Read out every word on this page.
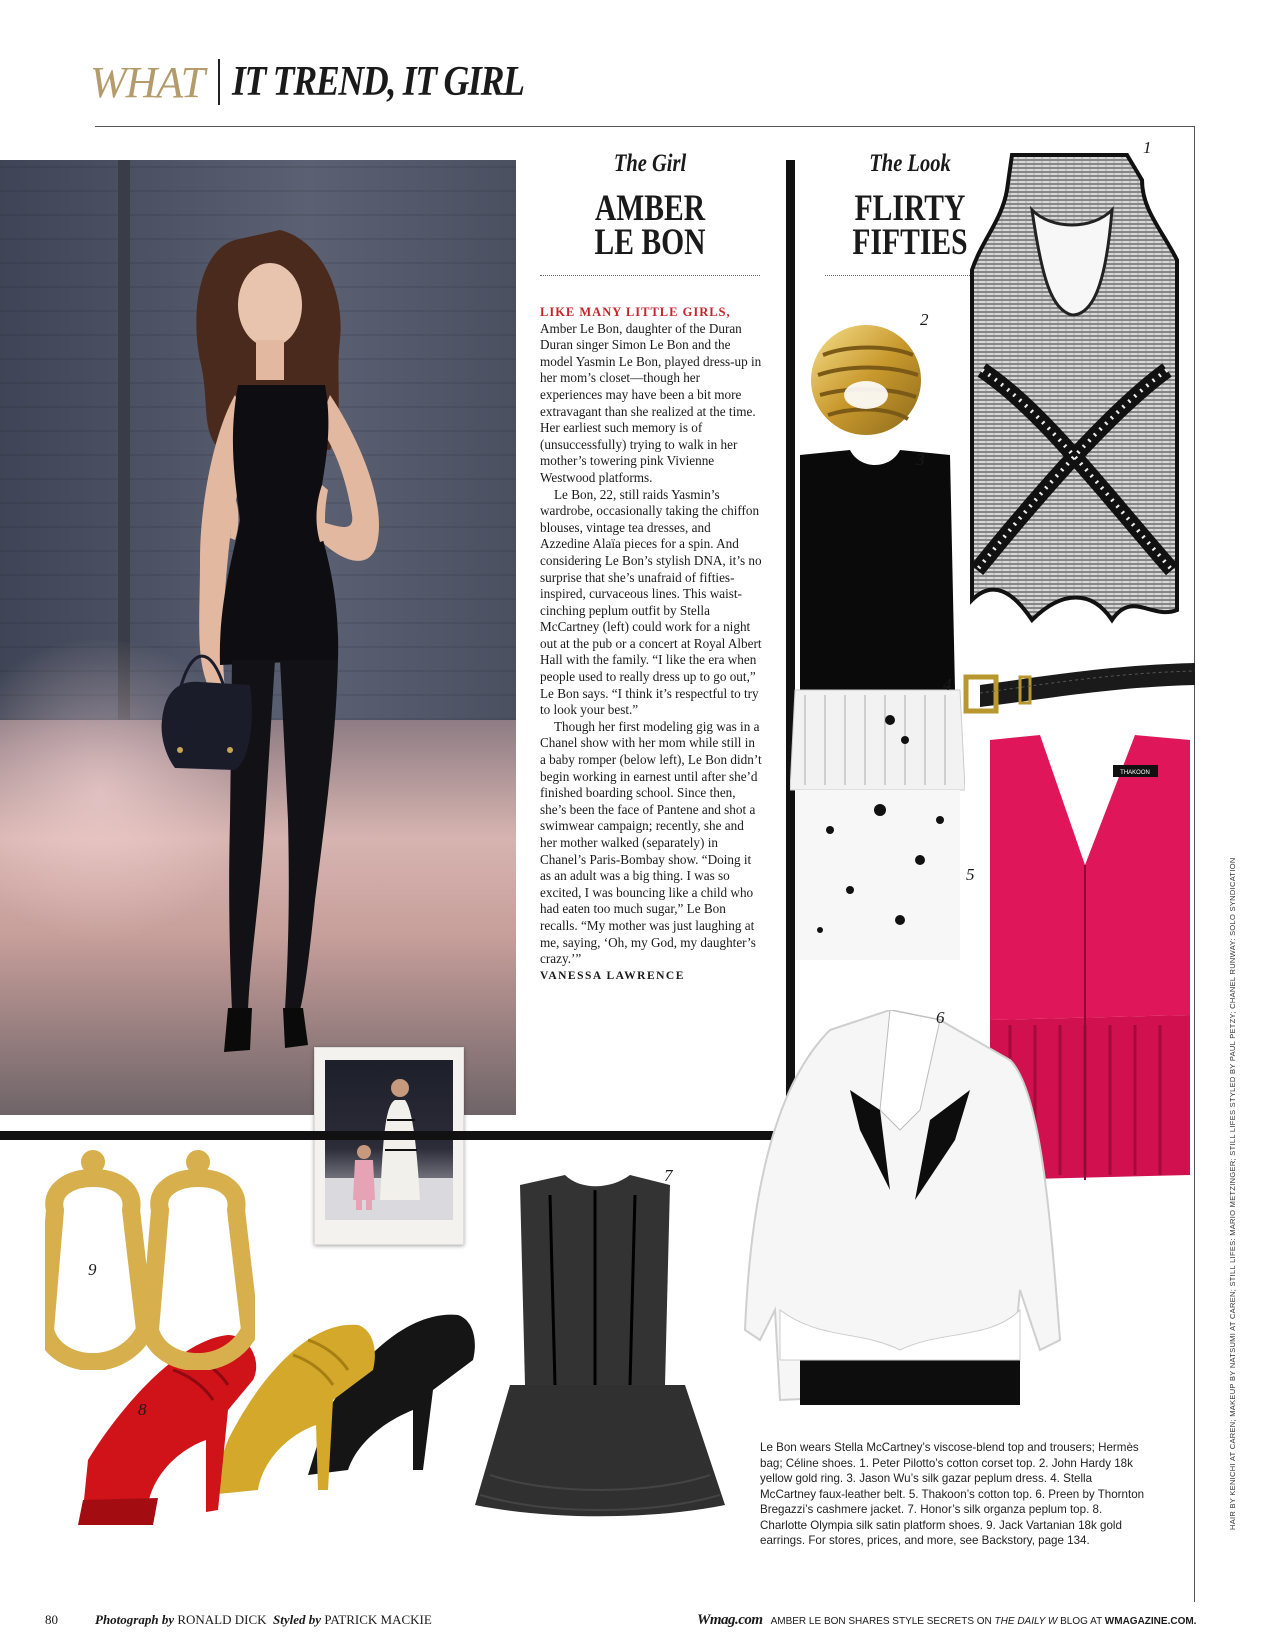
WHAT IT TREND, IT GIRL
The Girl
AMBER
LE BON

LIKE MANY LITTLE GIRLS, Amber Le Bon, daughter of the Duran Duran singer Simon Le Bon and the model Yasmin Le Bon, played dress-up in her mom’s closet—though her experiences may have been a bit more extravagant than she realized at the time. Her earliest such memory is of (unsuccessfully) trying to walk in her mother’s towering pink Vivienne Westwood platforms.

Le Bon, 22, still raids Yasmin’s wardrobe, occasionally taking the chiffon blouses, vintage tea dresses, and Azzedine Alaïa pieces for a spin. And considering Le Bon’s stylish DNA, it’s no surprise that she’s unafraid of fifties-inspired, curvaceous lines. This waist-cinching peplum outfit by Stella McCartney (left) could work for a night out at the pub or a concert at Royal Albert Hall with the family. “I like the era when people used to really dress up to go out,” Le Bon says. “I think it’s respectful to try to look your best.”

Though her first modeling gig was in a Chanel show with her mom while still in a baby romper (below left), Le Bon didn’t begin working in earnest until after she’d finished boarding school. Since then, she’s been the face of Pantene and shot a swimwear campaign; recently, she and her mother walked (separately) in Chanel’s Paris-Bombay show. “Doing it as an adult was a big thing. I was so excited, I was bouncing like a child who had eaten too much sugar,” Le Bon recalls. “My mother was just laughing at me, saying, ‘Oh, my God, my daughter’s crazy.’”

VANESSA LAWRENCE

The Look
FLIRTY
FIFTIES
1
2
3
4
THAKOON
5
6
7
8
9
Le Bon wears Stella McCartney’s viscose-blend top and trousers; Hermès bag; Céline shoes. 1. Peter Pilotto’s cotton corset top. 2. John Hardy 18k yellow gold ring. 3. Jason Wu’s silk gazar peplum dress. 4. Stella McCartney faux-leather belt. 5. Thakoon’s cotton top. 6. Preen by Thornton Bregazzi’s cashmere jacket. 7. Honor’s silk organza peplum top. 8. Charlotte Olympia silk satin platform shoes. 9. Jack Vartanian 18k gold earrings. For stores, prices, and more, see Backstory, page 134.
HAIR BY KENICHI AT CAREN; MAKEUP BY NATSUMI AT CAREN; STILL LIFES: MARIO METZINGER; STILL LIFES STYLED BY PAUL PETZY; CHANEL RUNWAY: SOLO SYNDICATION
80	Photograph by RONALD DICK Styled by PATRICK MACKIE	Wmag.com AMBER LE BON SHARES STYLE SECRETS ON THE DAILY W BLOG AT WMAGAZINE.COM.
